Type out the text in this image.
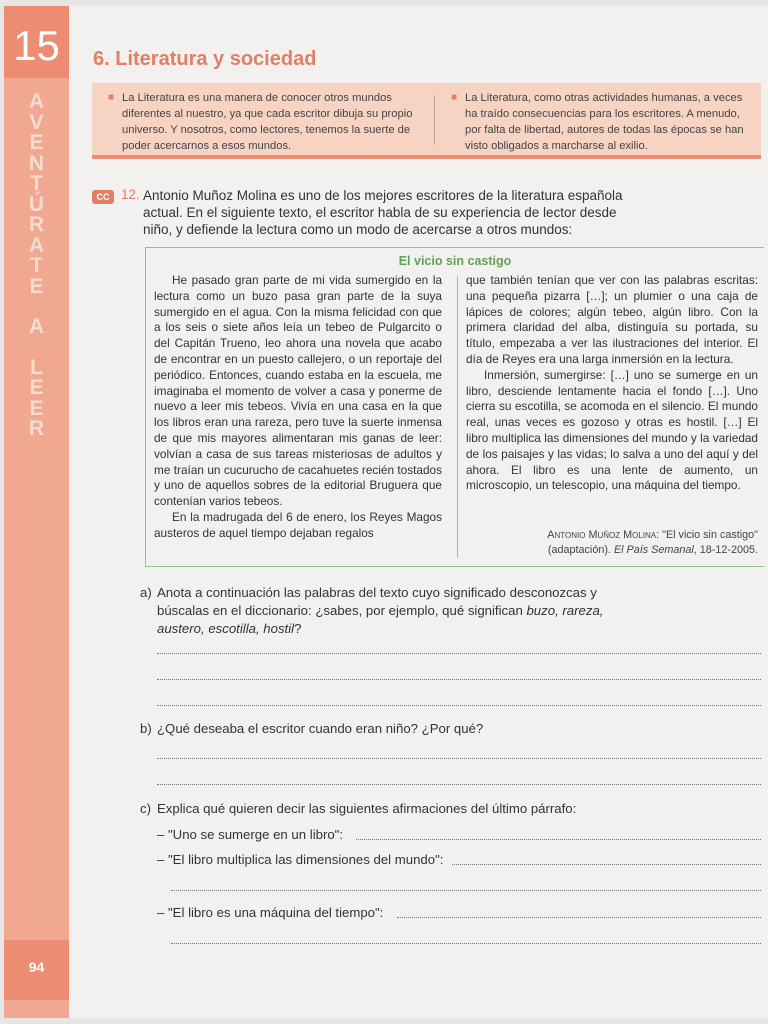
15
A
V
E
N
T
Ú
R
A
T
E
A
L
E
E
R
94
6. Literatura y sociedad
■ La Literatura es una manera de conocer otros mundos diferentes al nuestro, ya que cada escritor dibuja su propio universo. Y nosotros, como lectores, tenemos la suerte de poder acercarnos a esos mundos.
■ La Literatura, como otras actividades humanas, a veces ha traído consecuencias para los escritores. A menudo, por falta de libertad, autores de todas las épocas se han visto obligados a marcharse al exilio.
CC 12. Antonio Muñoz Molina es uno de los mejores escritores de la literatura española actual. En el siguiente texto, el escritor habla de su experiencia de lector desde niño, y defiende la lectura como un modo de acercarse a otros mundos:
El vicio sin castigo

He pasado gran parte de mi vida sumergido en la lectura como un buzo pasa gran parte de la suya sumergido en el agua. Con la misma felicidad con que a los seis o siete años leía un tebeo de Pulgarcito o del Capitán Trueno, leo ahora una novela que acabo de encontrar en un puesto callejero, o un reportaje del periódico. Entonces, cuando estaba en la escuela, me imaginaba el momento de volver a casa y ponerme de nuevo a leer mis tebeos. Vivía en una casa en la que los libros eran una rareza, pero tuve la suerte inmensa de que mis mayores alimentaran mis ganas de leer: volvían a casa de sus tareas misteriosas de adultos y me traían un cucurucho de cacahuetes recién tostados y uno de aquellos sobres de la editorial Bruguera que contenían varios tebeos.

En la madrugada del 6 de enero, los Reyes Magos austeros de aquel tiempo dejaban regalos

que también tenían que ver con las palabras escritas: una pequeña pizarra […]; un plumier o una caja de lápices de colores; algún tebeo, algún libro. Con la primera claridad del alba, distinguía su portada, su título, empezaba a ver las ilustraciones del interior. El día de Reyes era una larga inmersión en la lectura.

Inmersión, sumergirse: […] uno se sumerge en un libro, desciende lentamente hacia el fondo […]. Uno cierra su escotilla, se acomoda en el silencio. El mundo real, unas veces es gozoso y otras es hostil. […] El libro multiplica las dimensiones del mundo y la variedad de los paisajes y las vidas; lo salva a uno del aquí y del ahora. El libro es una lente de aumento, un microscopio, un telescopio, una máquina del tiempo.

Antonio Muñoz Molina: "El vicio sin castigo"
(adaptación). El País Semanal, 18-12-2005.
a) Anota a continuación las palabras del texto cuyo significado desconozcas y búscalas en el diccionario: ¿sabes, por ejemplo, qué significan buzo, rareza, austero, escotilla, hostil?
b) ¿Qué deseaba el escritor cuando eran niño? ¿Por qué?
c) Explica qué quieren decir las siguientes afirmaciones del último párrafo:
– "Uno se sumerge en un libro":
– "El libro multiplica las dimensiones del mundo":
– "El libro es una máquina del tiempo":
